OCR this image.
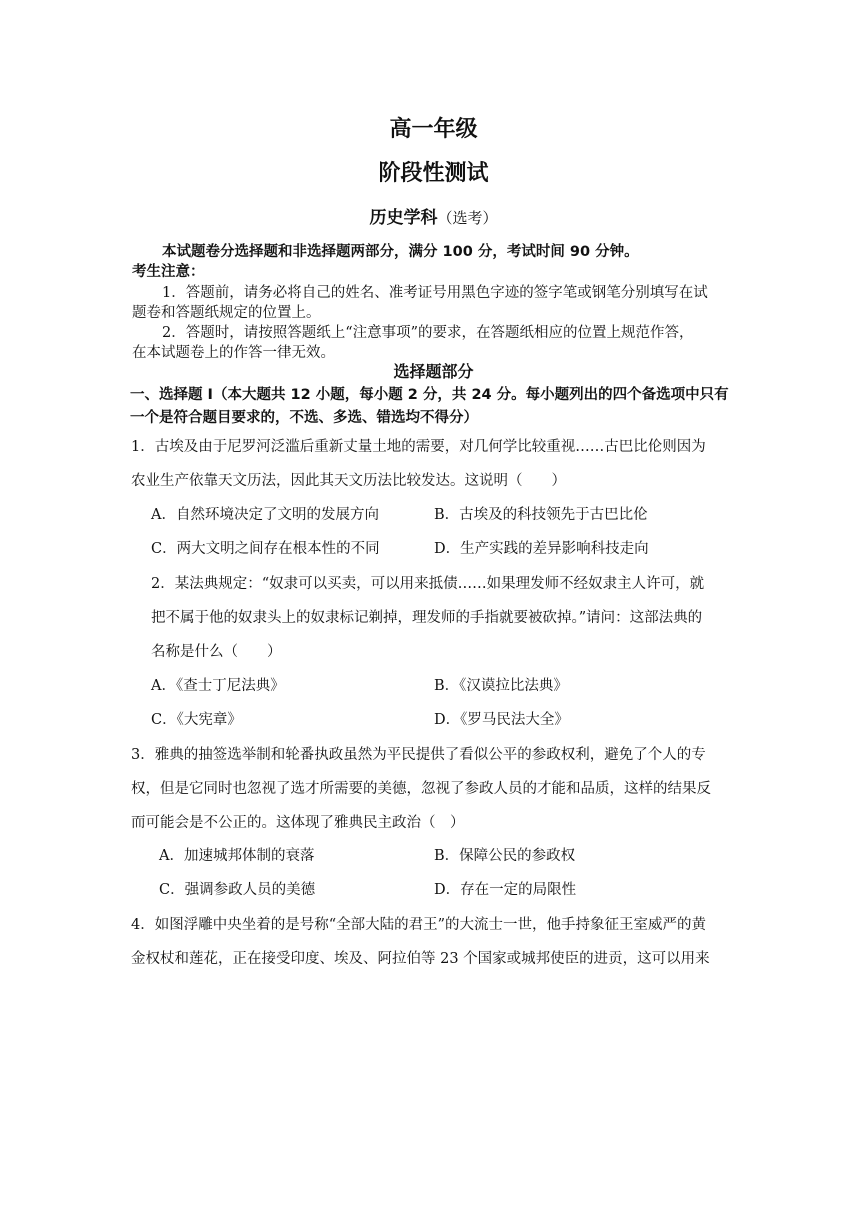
高一年级
阶段性测试
历史学科（选考）
本试题卷分选择题和非选择题两部分，满分 100 分，考试时间 90 分钟。
考生注意：
1．答题前，请务必将自己的姓名、准考证号用黑色字迹的签字笔或钢笔分别填写在试
题卷和答题纸规定的位置上。
2．答题时，请按照答题纸上“注意事项”的要求，在答题纸相应的位置上规范作答，
在本试题卷上的作答一律无效。
选择题部分
一、选择题 I（本大题共 12 小题，每小题 2 分，共 24 分。每小题列出的四个备选项中只有
一个是符合题目要求的，不选、多选、错选均不得分）
1．古埃及由于尼罗河泛滥后重新丈量土地的需要，对几何学比较重视……古巴比伦则因为
农业生产依靠天文历法，因此其天文历法比较发达。这说明（　　）
A．自然环境决定了文明的发展方向	B．古埃及的科技领先于古巴比伦
C．两大文明之间存在根本性的不同	D．生产实践的差异影响科技走向
2．某法典规定：“奴隶可以买卖，可以用来抵债……如果理发师不经奴隶主人许可，就
把不属于他的奴隶头上的奴隶标记剃掉，理发师的手指就要被砍掉。”请问：这部法典的
名称是什么（　　）
A．《查士丁尼法典》	B．《汉谟拉比法典》
C．《大宪章》	D．《罗马民法大全》
3．雅典的抽签选举制和轮番执政虽然为平民提供了看似公平的参政权利，避免了个人的专
权，但是它同时也忽视了选才所需要的美德，忽视了参政人员的才能和品质，这样的结果反
而可能会是不公正的。这体现了雅典民主政治（　）
A．加速城邦体制的衰落	B．保障公民的参政权
C．强调参政人员的美德	D．存在一定的局限性
4．如图浮雕中央坐着的是号称“全部大陆的君王”的大流士一世，他手持象征王室威严的黄
金权杖和莲花，正在接受印度、埃及、阿拉伯等 23 个国家或城邦使臣的进贡，这可以用来
